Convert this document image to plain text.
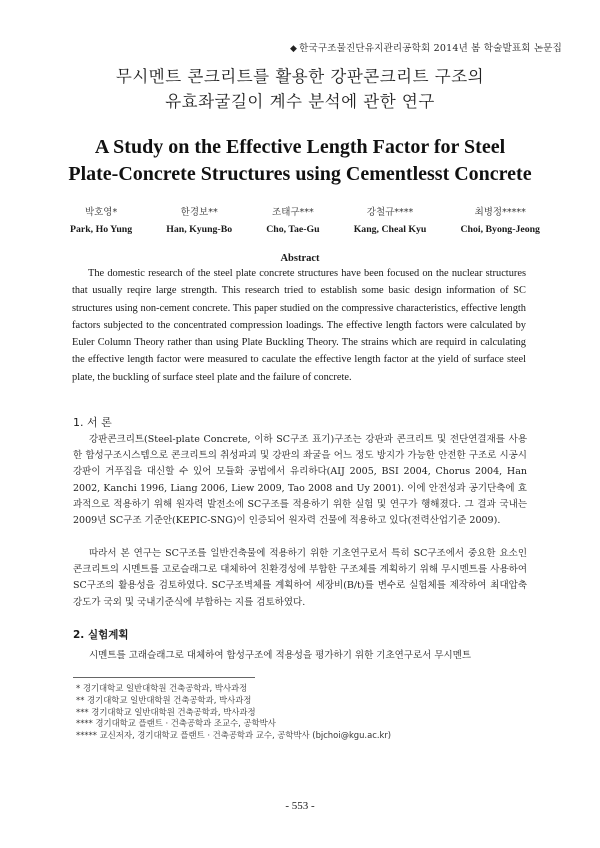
◆ 한국구조물진단유지관리공학회 2014년 봄 학술발표회 논문집
무시멘트 콘크리트를 활용한 강판콘크리트 구조의
유효좌굴길이 계수 분석에 관한 연구
A Study on the Effective Length Factor for Steel
Plate-Concrete Structures using Cementlesst Concrete
박호영*
Park, Ho Yung
한경보**
Han, Kyung-Bo
조태구***
Cho, Tae-Gu
강철규****
Kang, Cheal Kyu
최병정*****
Choi, Byong-Jeong
Abstract

The domestic research of the steel plate concrete structures have been focused on the nuclear structures that usually reqire large strength. This research tried to establish some basic design information of SC structures using non-cement concrete. This paper studied on the compressive characteristics, effective length factors subjected to the concentrated compression loadings. The effective length factors were calculated by Euler Column Theory rather than using Plate Buckling Theory. The strains which are requird in calculating the effective length factor were measured to caculate the effective length factor at the yield of surface steel plate, the buckling of surface steel plate and the failure of concrete.

1. 서 론

강판콘크리트(Steel-plate Concrete, 이하 SC구조 표기)구조는 강판과 콘크리트 및 전단연결재를 사용한 합성구조시스템으로 콘크리트의 취성파괴 및 강판의 좌굴을 어느 정도 방지가 가능한 안전한 구조로 시공시 강판이 거푸집을 대신할 수 있어 모듈화 공법에서 유리하다(AIJ 2005, BSI 2004, Chorus 2004, Han 2002, Kanchi 1996, Liang 2006, Liew 2009, Tao 2008 and Uy 2001). 이에 안전성과 공기단축에 효과적으로 적용하기 위해 원자력 발전소에 SC구조를 적용하기 위한 실험 및 연구가 행해졌다. 그 결과 국내는 2009년 SC구조 기준안(KEPIC-SNG)이 인증되어 원자력 건물에 적용하고 있다(전력산업기준 2009).

따라서 본 연구는 SC구조를 일반건축물에 적용하기 위한 기초연구로서 특히 SC구조에서 중요한 요소인 콘크리트의 시멘트를 고로슬래그로 대체하여 친환경성에 부합한 구조체를 계획하기 위해 무시멘트를 사용하여 SC구조의 활용성을 검토하였다. SC구조벽체를 계획하여 세장비(B/t)를 변수로 실험체를 제작하여 최대압축강도가 국외 및 국내기준식에 부합하는 지를 검토하였다.

2. 실험계획

시멘트를 고래슬래그로 대체하여 합성구조에 적용성을 평가하기 위한 기초연구로서 무시멘트

* 경기대학교 일반대학원 건축공학과, 박사과정
** 경기대학교 일반대학원 건축공학과, 박사과정
*** 경기대학교 일반대학원 건축공학과, 박사과정
**** 경기대학교 플랜트 · 건축공학과 조교수, 공학박사
***** 교신저자, 경기대학교 플랜트 · 건축공학과 교수, 공학박사 (bjchoi@kgu.ac.kr)
- 553 -
